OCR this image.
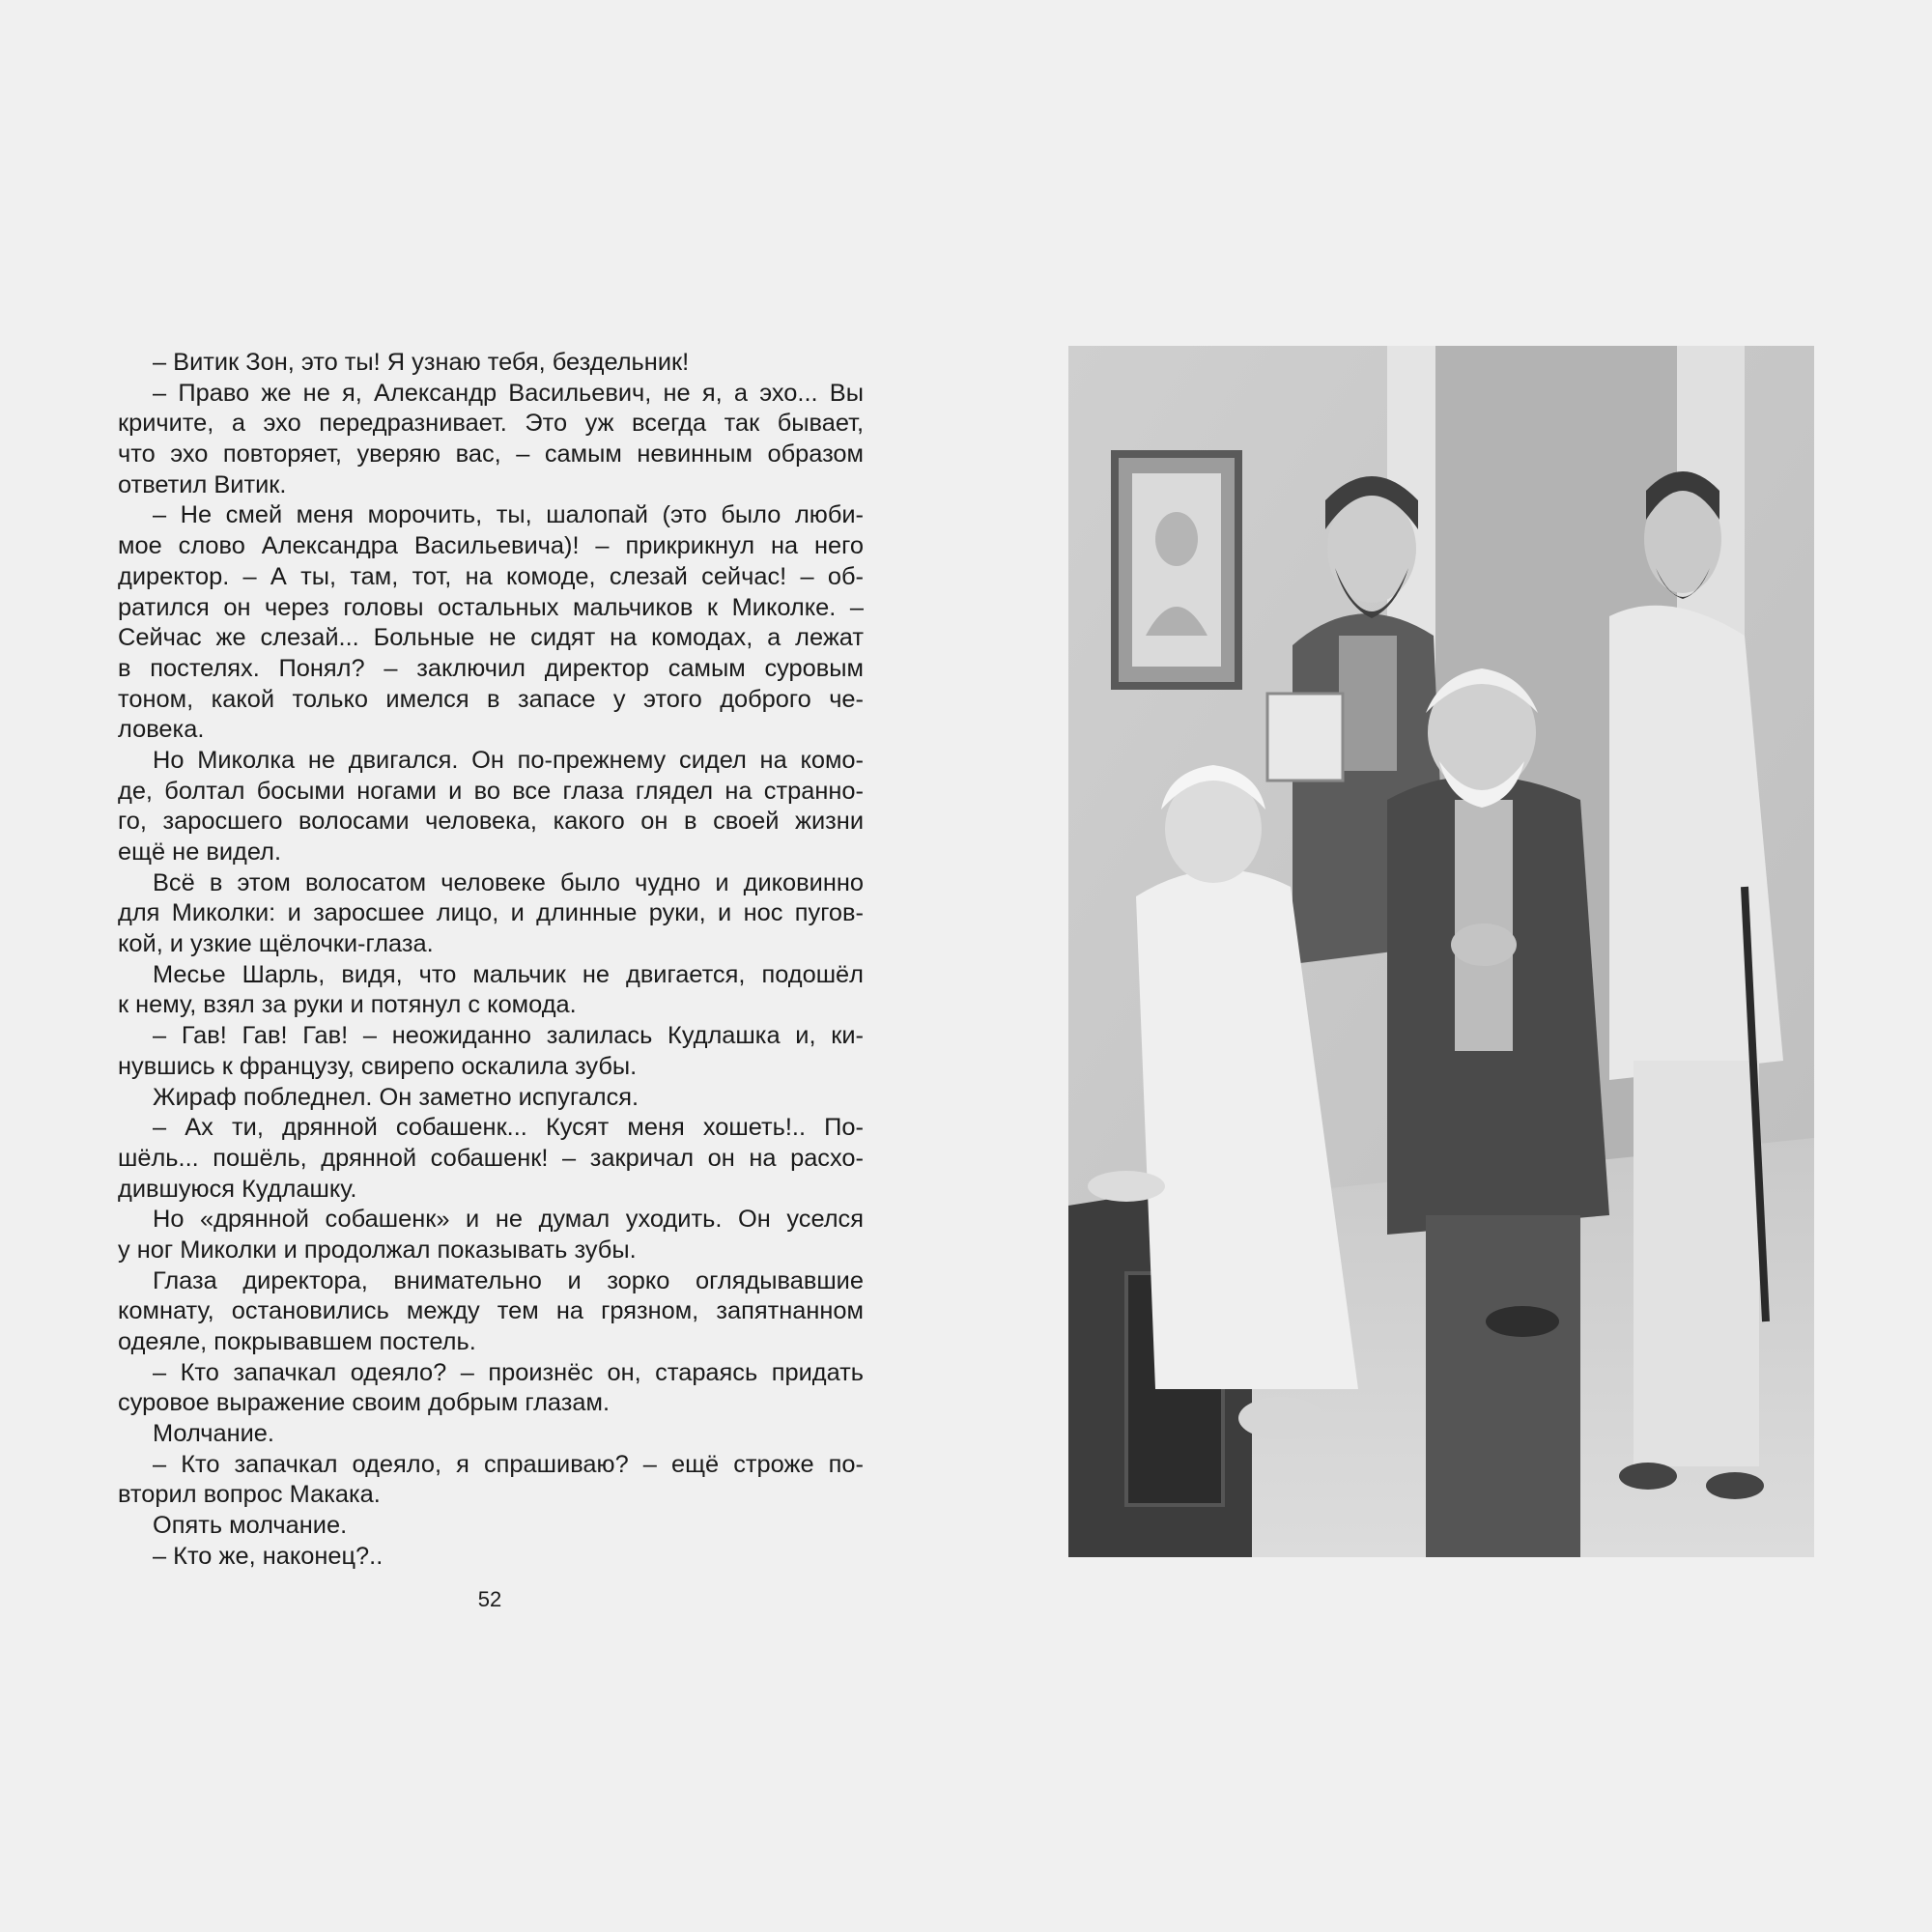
– Витик Зон, это ты! Я узнаю тебя, бездельник!
– Право же не я, Александр Васильевич, не я, а эхо... Вы
кричите, а эхо передразнивает. Это уж всегда так бывает,
что эхо повторяет, уверяю вас, – самым невинным образом
ответил Витик.
– Не смей меня морочить, ты, шалопай (это было люби-
мое слово Александра Васильевича)! – прикрикнул на него
директор. – А ты, там, тот, на комоде, слезай сейчас! – об-
ратился он через головы остальных мальчиков к Миколке. –
Сейчас же слезай... Больные не сидят на комодах, а лежат
в постелях. Понял? – заключил директор самым суровым
тоном, какой только имелся в запасе у этого доброго че-
ловека.
Но Миколка не двигался. Он по-прежнему сидел на комо-
де, болтал босыми ногами и во все глаза глядел на странно-
го, заросшего волосами человека, какого он в своей жизни
ещё не видел.
Всё в этом волосатом человеке было чудно и диковинно
для Миколки: и заросшее лицо, и длинные руки, и нос пугов-
кой, и узкие щёлочки-глаза.
Месье Шарль, видя, что мальчик не двигается, подошёл
к нему, взял за руки и потянул с комода.
– Гав! Гав! Гав! – неожиданно залилась Кудлашка и, ки-
нувшись к французу, свирепо оскалила зубы.
Жираф побледнел. Он заметно испугался.
– Ах ти, дрянной собашенк... Кусят меня хошеть!.. По-
шёль... пошёль, дрянной собашенк! – закричал он на расхо-
дившуюся Кудлашку.
Но «дрянной собашенк» и не думал уходить. Он уселся
у ног Миколки и продолжал показывать зубы.
Глаза директора, внимательно и зорко оглядывавшие
комнату, остановились между тем на грязном, запятнанном
одеяле, покрывавшем постель.
– Кто запачкал одеяло? – произнёс он, стараясь придать
суровое выражение своим добрым глазам.
Молчание.
– Кто запачкал одеяло, я спрашиваю? – ещё строже по-
вторил вопрос Макака.
Опять молчание.
– Кто же, наконец?..
52
